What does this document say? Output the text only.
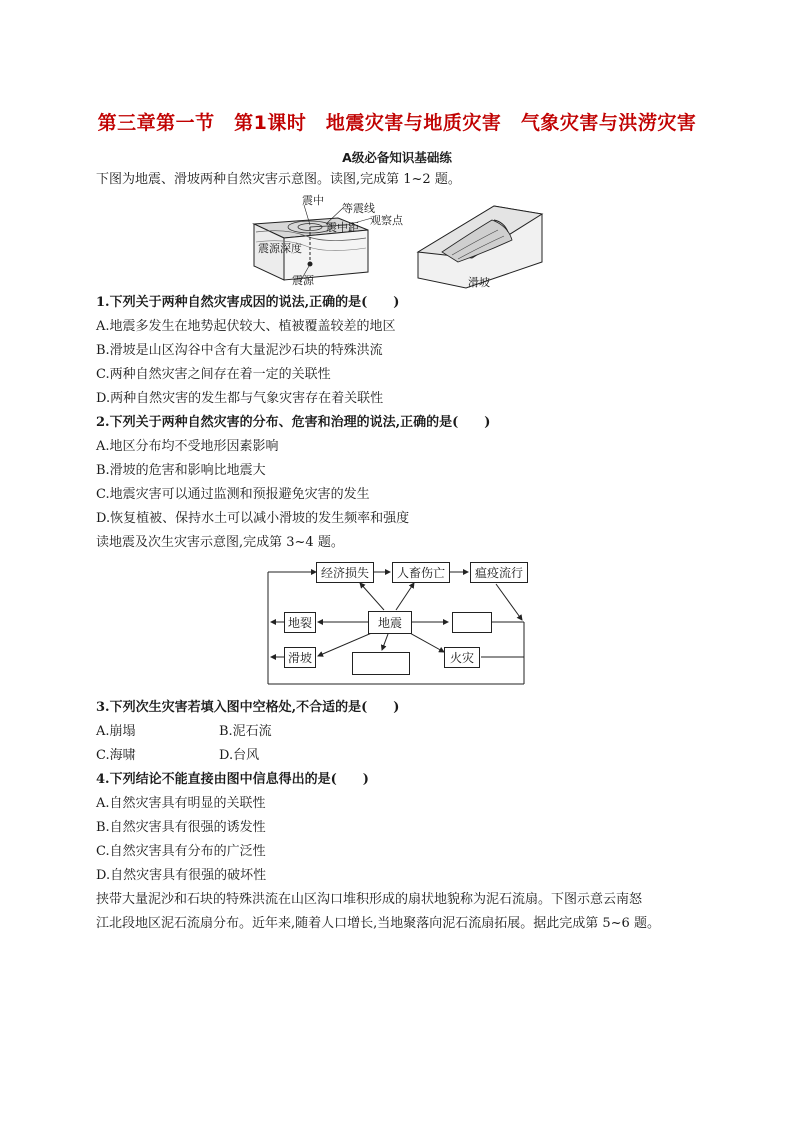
第三章第一节　第1课时　地震灾害与地质灾害　气象灾害与洪涝灾害
A级必备知识基础练
下图为地震、滑坡两种自然灾害示意图。读图,完成第 1~2 题。
震中
等震线
观察点
震中距
震源深度
震源	滑坡
1.下列关于两种自然灾害成因的说法,正确的是(　　)
A.地震多发生在地势起伏较大、植被覆盖较差的地区
B.滑坡是山区沟谷中含有大量泥沙石块的特殊洪流
C.两种自然灾害之间存在着一定的关联性
D.两种自然灾害的发生都与气象灾害存在着关联性
2.下列关于两种自然灾害的分布、危害和治理的说法,正确的是(　　)
A.地区分布均不受地形因素影响
B.滑坡的危害和影响比地震大
C.地震灾害可以通过监测和预报避免灾害的发生
D.恢复植被、保持水土可以减小滑坡的发生频率和强度
读地震及次生灾害示意图,完成第 3~4 题。
经济损失	人畜伤亡	瘟疫流行
地裂	地震
滑坡	火灾
3.下列次生灾害若填入图中空格处,不合适的是(　　)
A.崩塌	B.泥石流
C.海啸	D.台风
4.下列结论不能直接由图中信息得出的是(　　)
A.自然灾害具有明显的关联性
B.自然灾害具有很强的诱发性
C.自然灾害具有分布的广泛性
D.自然灾害具有很强的破坏性
挟带大量泥沙和石块的特殊洪流在山区沟口堆积形成的扇状地貌称为泥石流扇。下图示意云南怒
江北段地区泥石流扇分布。近年来,随着人口增长,当地聚落向泥石流扇拓展。据此完成第 5~6 题。
